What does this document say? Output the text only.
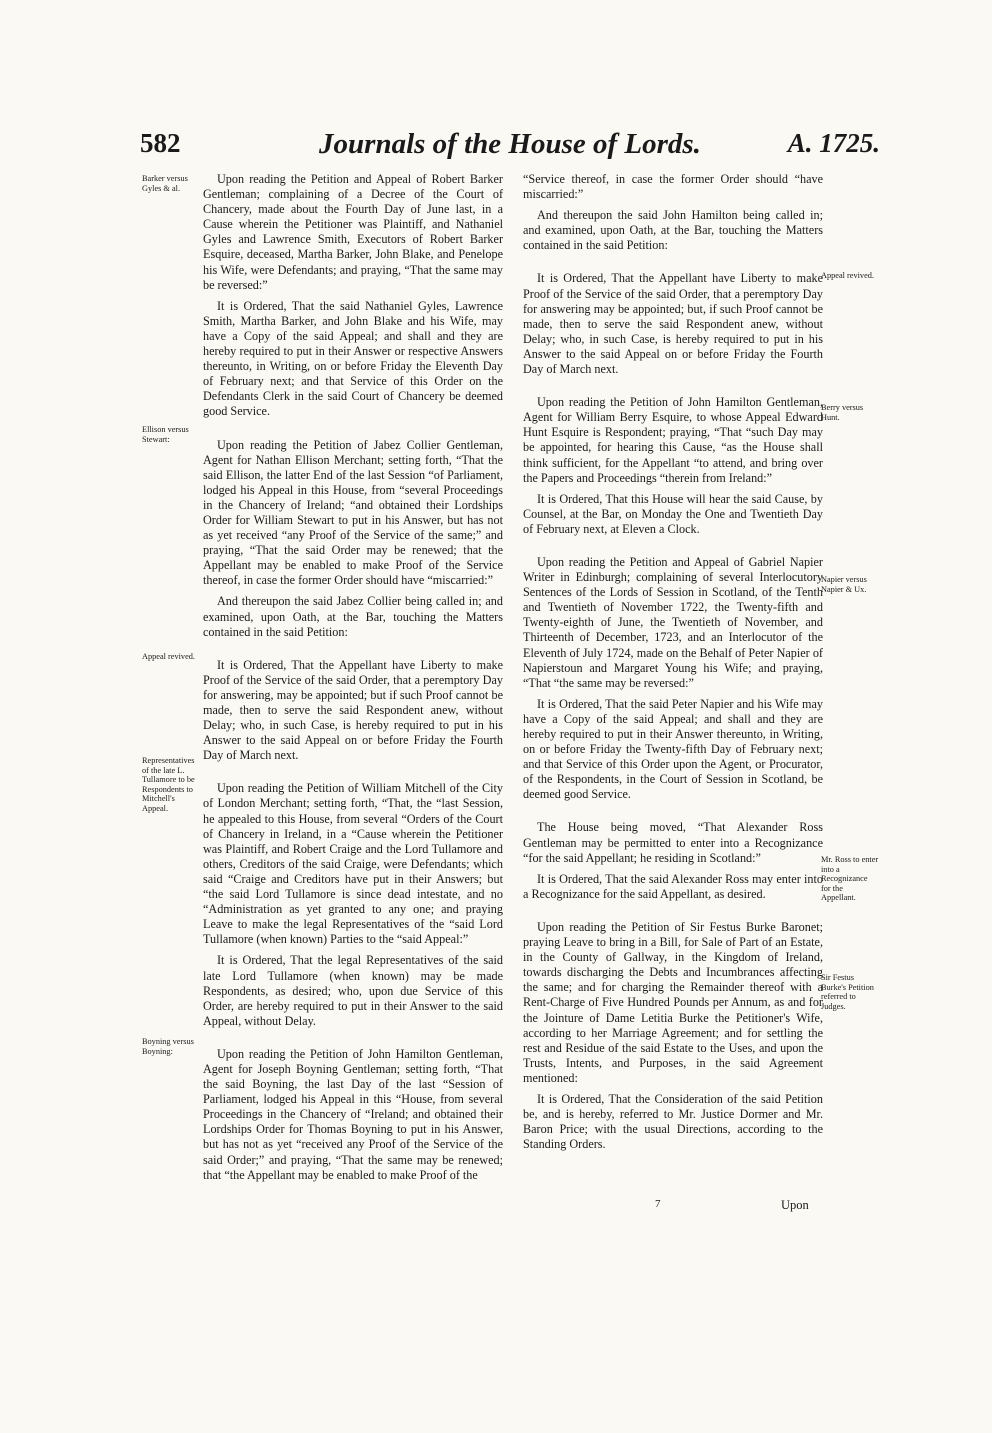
582	Journals of the House of Lords.	A. 1725.
Barker versus Gyles & al.
Ellison versus Stewart:
Appeal revived.
Representatives of the late L. Tullamore to be Respondents to Mitchell's Appeal.
Boyning versus Boyning:
Appeal revived.
Berry versus Hunt.
Napier versus Napier & Ux.
Mr. Ross to enter into a Recognizance for the Appellant.
Sir Festus Burke's Petition referred to Judges.

Upon reading the Petition and Appeal of Robert Barker Gentleman; complaining of a Decree of the Court of Chancery, made about the Fourth Day of June last, in a Cause wherein the Petitioner was Plaintiff, and Nathaniel Gyles and Lawrence Smith, Executors of Robert Barker Esquire, deceased, Martha Barker, John Blake, and Penelope his Wife, were Defendants; and praying, “That the same may be reversed:”

It is Ordered, That the said Nathaniel Gyles, Lawrence Smith, Martha Barker, and John Blake and his Wife, may have a Copy of the said Appeal; and shall and they are hereby required to put in their Answer or respective Answers thereunto, in Writing, on or before Friday the Eleventh Day of February next; and that Service of this Order on the Defendants Clerk in the said Court of Chancery be deemed good Service.

Upon reading the Petition of Jabez Collier Gentleman, Agent for Nathan Ellison Merchant; setting forth, “That the said Ellison, the latter End of the last Session “of Parliament, lodged his Appeal in this House, from “several Proceedings in the Chancery of Ireland; “and obtained their Lordships Order for William Stewart to put in his Answer, but has not as yet received “any Proof of the Service of the same;” and praying, “That the said Order may be renewed; that the Appellant may be enabled to make Proof of the Service thereof, in case the former Order should have “miscarried:”

And thereupon the said Jabez Collier being called in; and examined, upon Oath, at the Bar, touching the Matters contained in the said Petition:

It is Ordered, That the Appellant have Liberty to make Proof of the Service of the said Order, that a peremptory Day for answering, may be appointed; but if such Proof cannot be made, then to serve the said Respondent anew, without Delay; who, in such Case, is hereby required to put in his Answer to the said Appeal on or before Friday the Fourth Day of March next.

Upon reading the Petition of William Mitchell of the City of London Merchant; setting forth, “That, the “last Session, he appealed to this House, from several “Orders of the Court of Chancery in Ireland, in a “Cause wherein the Petitioner was Plaintiff, and Robert Craige and the Lord Tullamore and others, Creditors of the said Craige, were Defendants; which said “Craige and Creditors have put in their Answers; but “the said Lord Tullamore is since dead intestate, and no “Administration as yet granted to any one; and praying Leave to make the legal Representatives of the “said Lord Tullamore (when known) Parties to the “said Appeal:”

It is Ordered, That the legal Representatives of the said late Lord Tullamore (when known) may be made Respondents, as desired; who, upon due Service of this Order, are hereby required to put in their Answer to the said Appeal, without Delay.

Upon reading the Petition of John Hamilton Gentleman, Agent for Joseph Boyning Gentleman; setting forth, “That the said Boyning, the last Day of the last “Session of Parliament, lodged his Appeal in this “House, from several Proceedings in the Chancery of “Ireland; and obtained their Lordships Order for Thomas Boyning to put in his Answer, but has not as yet “received any Proof of the Service of the said Order;” and praying, “That the same may be renewed; that “the Appellant may be enabled to make Proof of the

“Service thereof, in case the former Order should “have miscarried:”

And thereupon the said John Hamilton being called in; and examined, upon Oath, at the Bar, touching the Matters contained in the said Petition:

It is Ordered, That the Appellant have Liberty to make Proof of the Service of the said Order, that a peremptory Day for answering may be appointed; but, if such Proof cannot be made, then to serve the said Respondent anew, without Delay; who, in such Case, is hereby required to put in his Answer to the said Appeal on or before Friday the Fourth Day of March next.

Upon reading the Petition of John Hamilton Gentleman, Agent for William Berry Esquire, to whose Appeal Edward Hunt Esquire is Respondent; praying, “That “such Day may be appointed, for hearing this Cause, “as the House shall think sufficient, for the Appellant “to attend, and bring over the Papers and Proceedings “therein from Ireland:”

It is Ordered, That this House will hear the said Cause, by Counsel, at the Bar, on Monday the One and Twentieth Day of February next, at Eleven a Clock.

Upon reading the Petition and Appeal of Gabriel Napier Writer in Edinburgh; complaining of several Interlocutory Sentences of the Lords of Session in Scotland, of the Tenth and Twentieth of November 1722, the Twenty-fifth and Twenty-eighth of June, the Twentieth of November, and Thirteenth of December, 1723, and an Interlocutor of the Eleventh of July 1724, made on the Behalf of Peter Napier of Napierstoun and Margaret Young his Wife; and praying, “That “the same may be reversed:”

It is Ordered, That the said Peter Napier and his Wife may have a Copy of the said Appeal; and shall and they are hereby required to put in their Answer thereunto, in Writing, on or before Friday the Twenty-fifth Day of February next; and that Service of this Order upon the Agent, or Procurator, of the Respondents, in the Court of Session in Scotland, be deemed good Service.

The House being moved, “That Alexander Ross Gentleman may be permitted to enter into a Recognizance “for the said Appellant; he residing in Scotland:”

It is Ordered, That the said Alexander Ross may enter into a Recognizance for the said Appellant, as desired.

Upon reading the Petition of Sir Festus Burke Baronet; praying Leave to bring in a Bill, for Sale of Part of an Estate, in the County of Gallway, in the Kingdom of Ireland, towards discharging the Debts and Incumbrances affecting the same; and for charging the Remainder thereof with a Rent-Charge of Five Hundred Pounds per Annum, as and for the Jointure of Dame Letitia Burke the Petitioner's Wife, according to her Marriage Agreement; and for settling the rest and Residue of the said Estate to the Uses, and upon the Trusts, Intents, and Purposes, in the said Agreement mentioned:

It is Ordered, That the Consideration of the said Petition be, and is hereby, referred to Mr. Justice Dormer and Mr. Baron Price; with the usual Directions, according to the Standing Orders.

7	Upon
